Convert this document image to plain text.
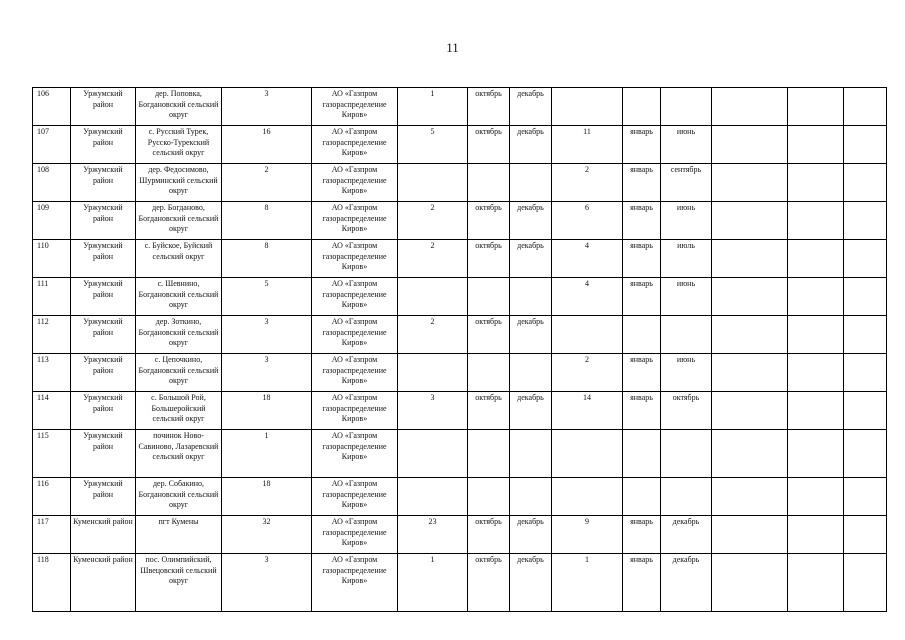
11
106	Уржумский район	дер. Поповка, Богдановский сельский округ	3	АО «Газпром газораспределение Киров»	1	октябрь	декабрь						
107	Уржумский район	с. Русский Турек, Русско-Турекский сельский округ	16	АО «Газпром газораспределение Киров»	5	октябрь	декабрь	11	январь	июнь			
108	Уржумский район	дер. Федосимово, Шурминский сельский округ	2	АО «Газпром газораспределение Киров»				2	январь	сентябрь			
109	Уржумский район	дер. Богданово, Богдановский сельский округ	8	АО «Газпром газораспределение Киров»	2	октябрь	декабрь	6	январь	июнь			
110	Уржумский район	с. Буйское, Буйский сельский округ	8	АО «Газпром газораспределение Киров»	2	октябрь	декабрь	4	январь	июль			
111	Уржумский район	с. Шевнино, Богдановский сельский округ	5	АО «Газпром газораспределение Киров»				4	январь	июнь			
112	Уржумский район	дер. Зоткино, Богдановский сельский округ	3	АО «Газпром газораспределение Киров»	2	октябрь	декабрь						
113	Уржумский район	с. Цепочкино, Богдановский сельский округ	3	АО «Газпром газораспределение Киров»				2	январь	июнь			
114	Уржумский район	с. Большой Рой, Большеройский сельский округ	18	АО «Газпром газораспределение Киров»	3	октябрь	декабрь	14	январь	октябрь			
115	Уржумский район	починок Ново-Савиново, Лазаревский сельский округ	1	АО «Газпром газораспределение Киров»									
116	Уржумский район	дер. Собакино, Богдановский сельский округ	18	АО «Газпром газораспределение Киров»									
117	Куменский район	пгт Кумены	32	АО «Газпром газораспределение Киров»	23	октябрь	декабрь	9	январь	декабрь			
118	Куменский район	пос. Олимпийский, Швецовский сельский округ	3	АО «Газпром газораспределение Киров»	1	октябрь	декабрь	1	январь	декабрь			
